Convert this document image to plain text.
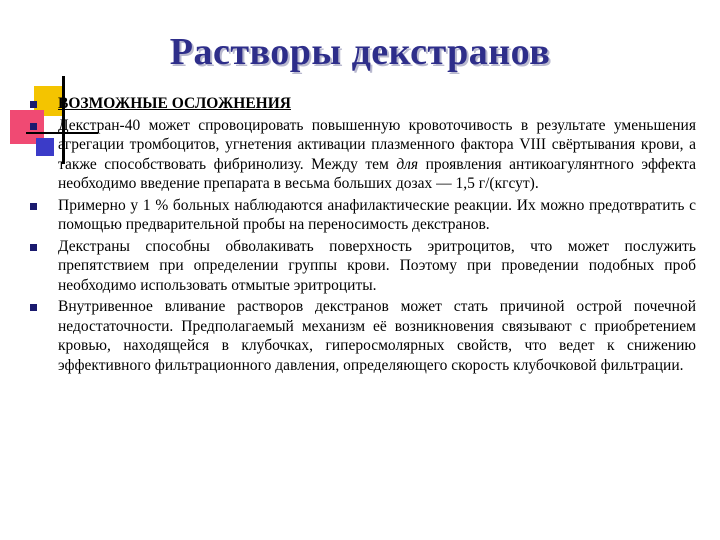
Растворы декстранов
ВОЗМОЖНЫЕ ОСЛОЖНЕНИЯ
Декстран-40 может спровоцировать повышенную кровоточивость в результате уменьшения агрегации тромбоцитов, угнетения активации плазменного фактора VIII свёртывания крови, а также способствовать фибринолизу. Между тем для проявления антикоагулянтного эффекта необходимо введение препарата в весьма больших дозах — 1,5 г/(кгсут).
Примерно у 1 % больных наблюдаются анафилактические реакции. Их можно предотвратить с помощью предварительной пробы на переносимость декстранов.
Декстраны способны обволакивать поверхность эритроцитов, что может послужить препятствием при определении группы крови. Поэтому при проведении подобных проб необходимо использовать отмытые эритроциты.
Внутривенное вливание растворов декстранов может стать причиной острой почечной недостаточности. Предполагаемый механизм её возникновения связывают с приобретением кровью, находящейся в клубочках, гиперосмолярных свойств, что ведет к снижению эффективного фильтрационного давления, определяющего скорость клубочковой фильтрации.
